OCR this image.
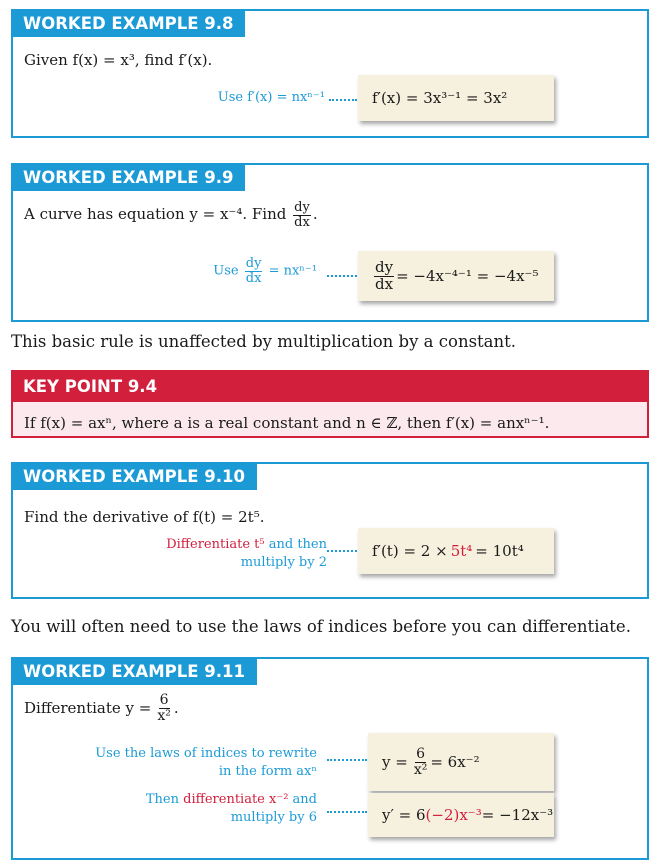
WORKED EXAMPLE 9.8
Given f(x) = x³, find f′(x).
Use f′(x) = nxⁿ⁻¹	f′(x) = 3x³⁻¹ = 3x²
WORKED EXAMPLE 9.9
A curve has equation y = x⁻⁴. Find $\frac{dy}{dx}$ .
Use $\frac{dy}{dx} = nx^{n-1}$	$\frac{dy}{dx} = -4x^{-4-1} = -4x^{-5}$
This basic rule is unaffected by multiplication by a constant.
KEY POINT 9.4
If f(x) = axⁿ, where a is a real constant and n ∈ ℤ, then f′(x) = anxⁿ⁻¹.
WORKED EXAMPLE 9.10
Find the derivative of f(t) = 2t⁵.
Differentiate t⁵ and then
multiply by 2
f′(t) = 2 × 5t⁴ = 10t⁴
You will often need to use the laws of indices before you can differentiate.
WORKED EXAMPLE 9.11
Differentiate $y = \frac{6}{\text{x²}}$ .
Use the laws of indices to rewrite
in the form axⁿ
$y = \frac{6}{\text{x²}} = 6x^{-2}$
Then differentiate x⁻² and
multiply by 6	y′ = 6 (−2)x⁻³ = −12x⁻³
